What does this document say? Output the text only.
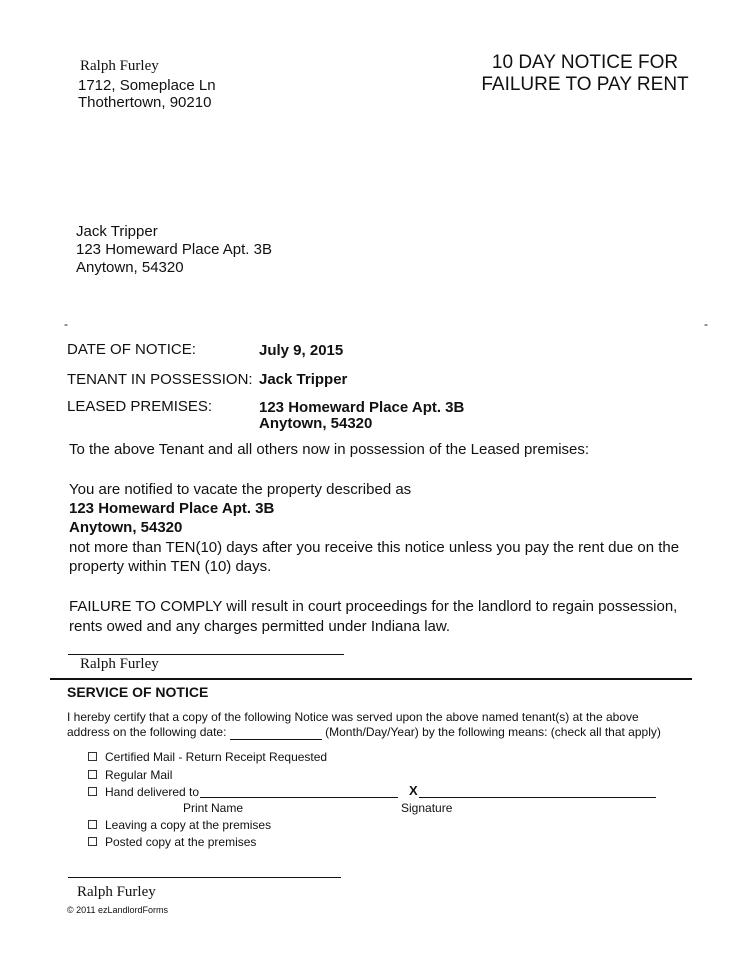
Ralph Furley
1712, Someplace Ln
Thothertown, 90210
10 DAY NOTICE FOR
FAILURE TO PAY RENT
Jack Tripper
123 Homeward Place Apt. 3B
Anytown, 54320
-	-
DATE OF NOTICE:	July 9, 2015
TENANT IN POSSESSION: Jack Tripper
LEASED PREMISES:	123 Homeward Place Apt. 3B
Anytown, 54320
To the above Tenant and all others now in possession of the Leased premises:
You are notified to vacate the property described as
123 Homeward Place Apt. 3B
Anytown, 54320
not more than TEN(10) days after you receive this notice unless you pay the rent due on the
property within TEN (10) days.
FAILURE TO COMPLY will result in court proceedings for the landlord to regain possession,
rents owed and any charges permitted under Indiana law.
Ralph Furley
SERVICE OF NOTICE
I hereby certify that a copy of the following Notice was served upon the above named tenant(s) at the above
address on the following date:	(Month/Day/Year) by the following means: (check all that apply)
Certified Mail - Return Receipt Requested
Regular Mail
Hand delivered to	X
Print Name	Signature
Leaving a copy at the premises
Posted copy at the premises
Ralph Furley
© 2011 ezLandlordForms
